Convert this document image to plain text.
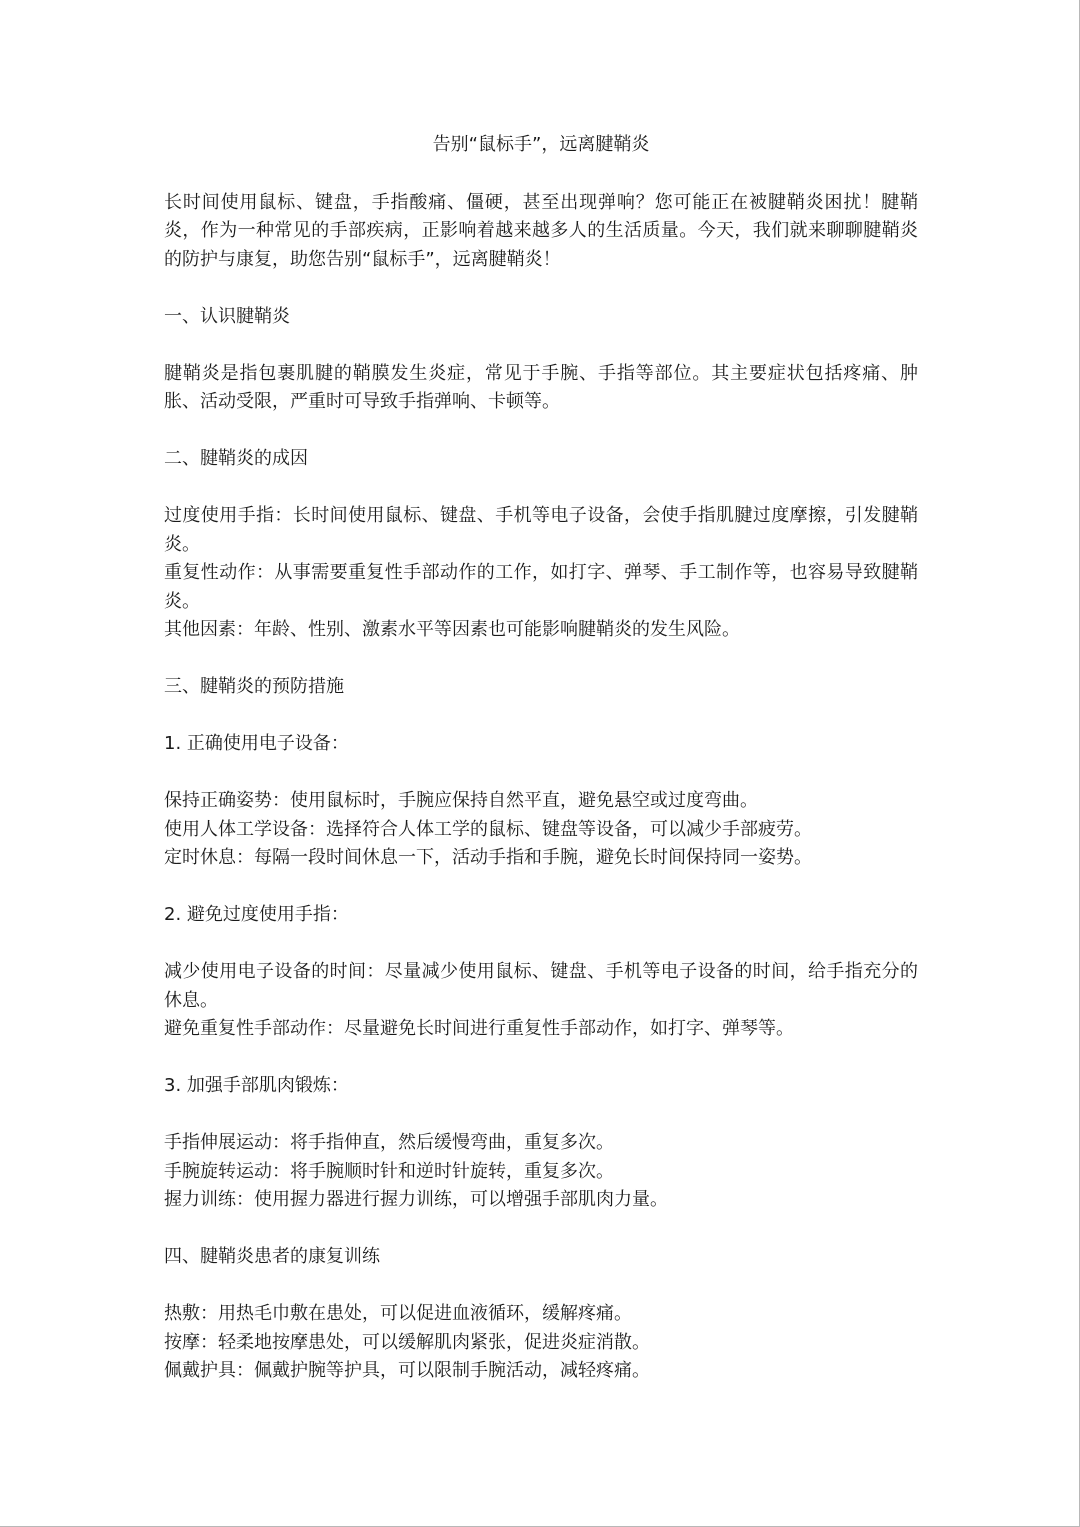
告别“鼠标手”，远离腱鞘炎

长时间使用鼠标、键盘，手指酸痛、僵硬，甚至出现弹响？您可能正在被腱鞘炎困扰！腱鞘炎，作为一种常见的手部疾病，正影响着越来越多人的生活质量。今天，我们就来聊聊腱鞘炎的防护与康复，助您告别“鼠标手”，远离腱鞘炎！

一、认识腱鞘炎

腱鞘炎是指包裹肌腱的鞘膜发生炎症，常见于手腕、手指等部位。其主要症状包括疼痛、肿胀、活动受限，严重时可导致手指弹响、卡顿等。

二、腱鞘炎的成因

过度使用手指：长时间使用鼠标、键盘、手机等电子设备，会使手指肌腱过度摩擦，引发腱鞘炎。

重复性动作：从事需要重复性手部动作的工作，如打字、弹琴、手工制作等，也容易导致腱鞘炎。

其他因素：年龄、性别、激素水平等因素也可能影响腱鞘炎的发生风险。

三、腱鞘炎的预防措施

1. 正确使用电子设备：

保持正确姿势：使用鼠标时，手腕应保持自然平直，避免悬空或过度弯曲。

使用人体工学设备：选择符合人体工学的鼠标、键盘等设备，可以减少手部疲劳。

定时休息：每隔一段时间休息一下，活动手指和手腕，避免长时间保持同一姿势。

2. 避免过度使用手指：

减少使用电子设备的时间：尽量减少使用鼠标、键盘、手机等电子设备的时间，给手指充分的休息。

避免重复性手部动作：尽量避免长时间进行重复性手部动作，如打字、弹琴等。

3. 加强手部肌肉锻炼：

手指伸展运动：将手指伸直，然后缓慢弯曲，重复多次。

手腕旋转运动：将手腕顺时针和逆时针旋转，重复多次。

握力训练：使用握力器进行握力训练，可以增强手部肌肉力量。

四、腱鞘炎患者的康复训练

热敷：用热毛巾敷在患处，可以促进血液循环，缓解疼痛。

按摩：轻柔地按摩患处，可以缓解肌肉紧张，促进炎症消散。

佩戴护具：佩戴护腕等护具，可以限制手腕活动，减轻疼痛。
